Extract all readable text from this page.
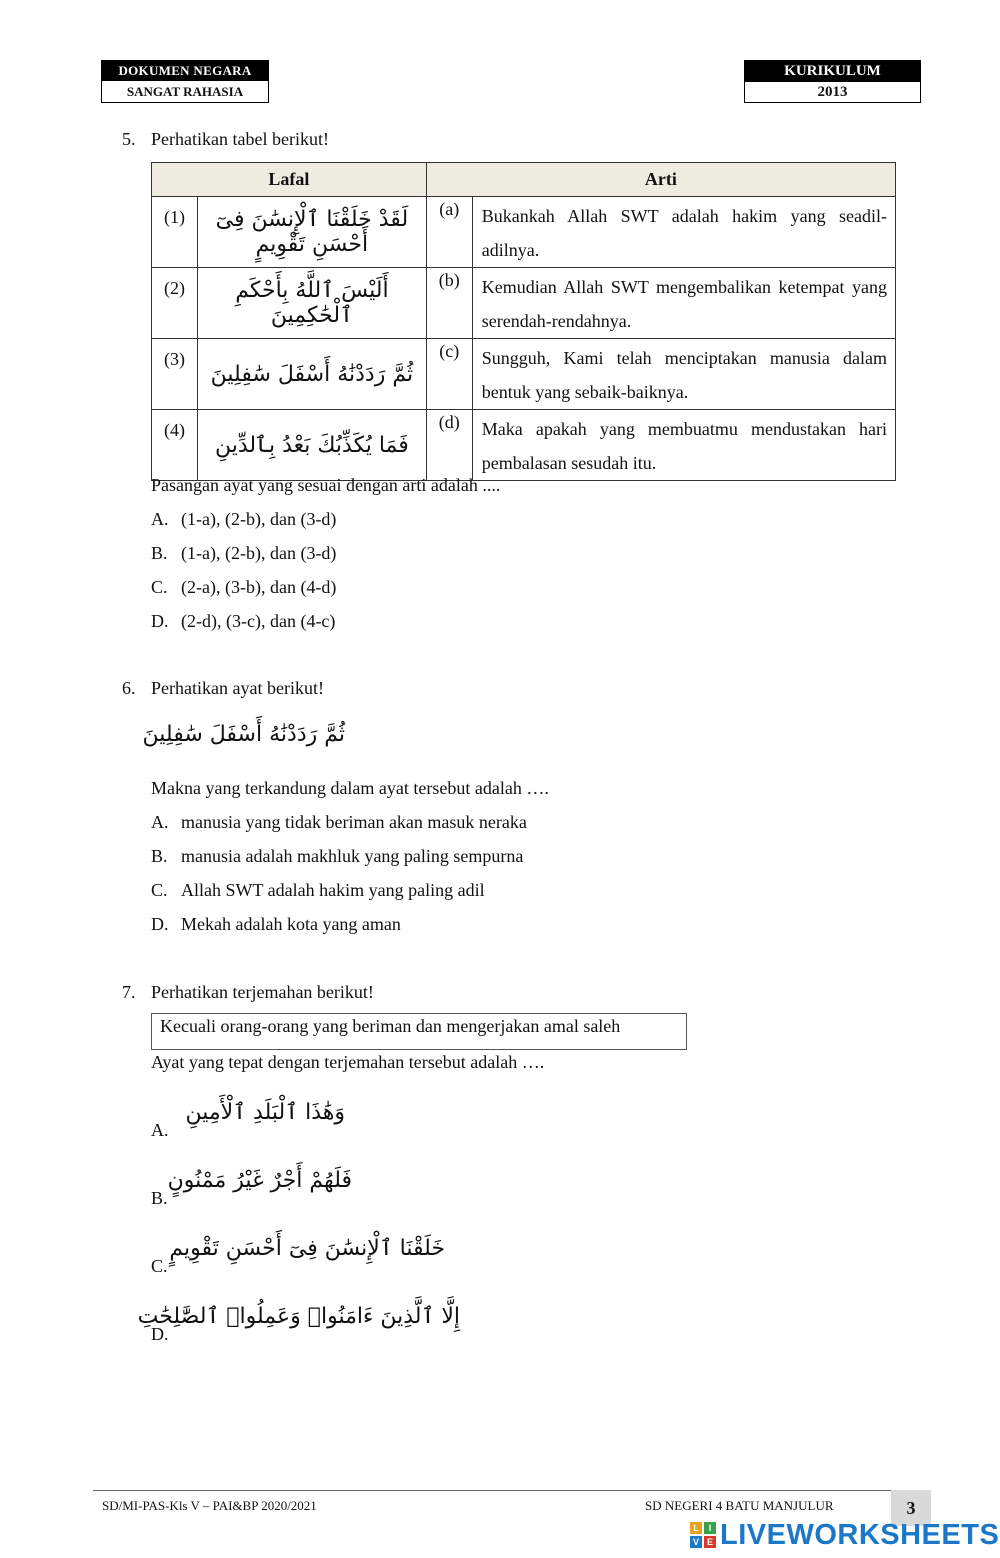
DOKUMEN NEGARA
SANGAT RAHASIA
KURIKULUM
2013
5. Perhatikan tabel berikut!
Lafal		Arti	
(1)	لَقَدْ خَلَقْنَا ٱلْإِنسَٰنَ فِىٓ أَحْسَنِ تَقْوِيمٍ	(a)	Bukankah Allah SWT adalah hakim yang seadil-adilnya.
(2)	أَلَيْسَ ٱللَّهُ بِأَحْكَمِ ٱلْحَٰكِمِينَ	(b)	Kemudian Allah SWT mengembalikan ketempat yang serendah-rendahnya.
(3)	ثُمَّ رَدَدْنَٰهُ أَسْفَلَ سَٰفِلِينَ	(c)	Sungguh, Kami telah menciptakan manusia dalam bentuk yang sebaik-baiknya.
(4)	فَمَا يُكَذِّبُكَ بَعْدُ بِٱلدِّينِ	(d)	Maka apakah yang membuatmu mendustakan hari pembalasan sesudah itu.
Pasangan ayat yang sesuai dengan arti adalah ....
A. (1-a), (2-b), dan (3-d)
B. (1-a), (2-b), dan (3-d)
C. (2-a), (3-b), dan (4-d)
D. (2-d), (3-c), dan (4-c)
6. Perhatikan ayat berikut!
ثُمَّ رَدَدْنَٰهُ أَسْفَلَ سَٰفِلِينَ
Makna yang terkandung dalam ayat tersebut adalah ….
A. manusia yang tidak beriman akan masuk neraka
B. manusia adalah makhluk yang paling sempurna
C. Allah SWT adalah hakim yang paling adil
D. Mekah adalah kota yang aman
7. Perhatikan terjemahan berikut!
Kecuali orang-orang yang beriman dan mengerjakan amal saleh
Ayat yang tepat dengan terjemahan tersebut adalah ….
A.
وَهَٰذَا ٱلْبَلَدِ ٱلْأَمِينِ
B.
فَلَهُمْ أَجْرٌ غَيْرُ مَمْنُونٍ
C.
خَلَقْنَا ٱلْإِنسَٰنَ فِىٓ أَحْسَنِ تَقْوِيمٍ
D.
إِلَّا ٱلَّذِينَ ءَامَنُوا۟ وَعَمِلُوا۟ ٱلصَّٰلِحَٰتِ
SD/MI-PAS-Kls V – PAI&BP 2020/2021	SD NEGERI 4 BATU MANJULUR	3
L	I
V E LIVEWORKSHEETS
